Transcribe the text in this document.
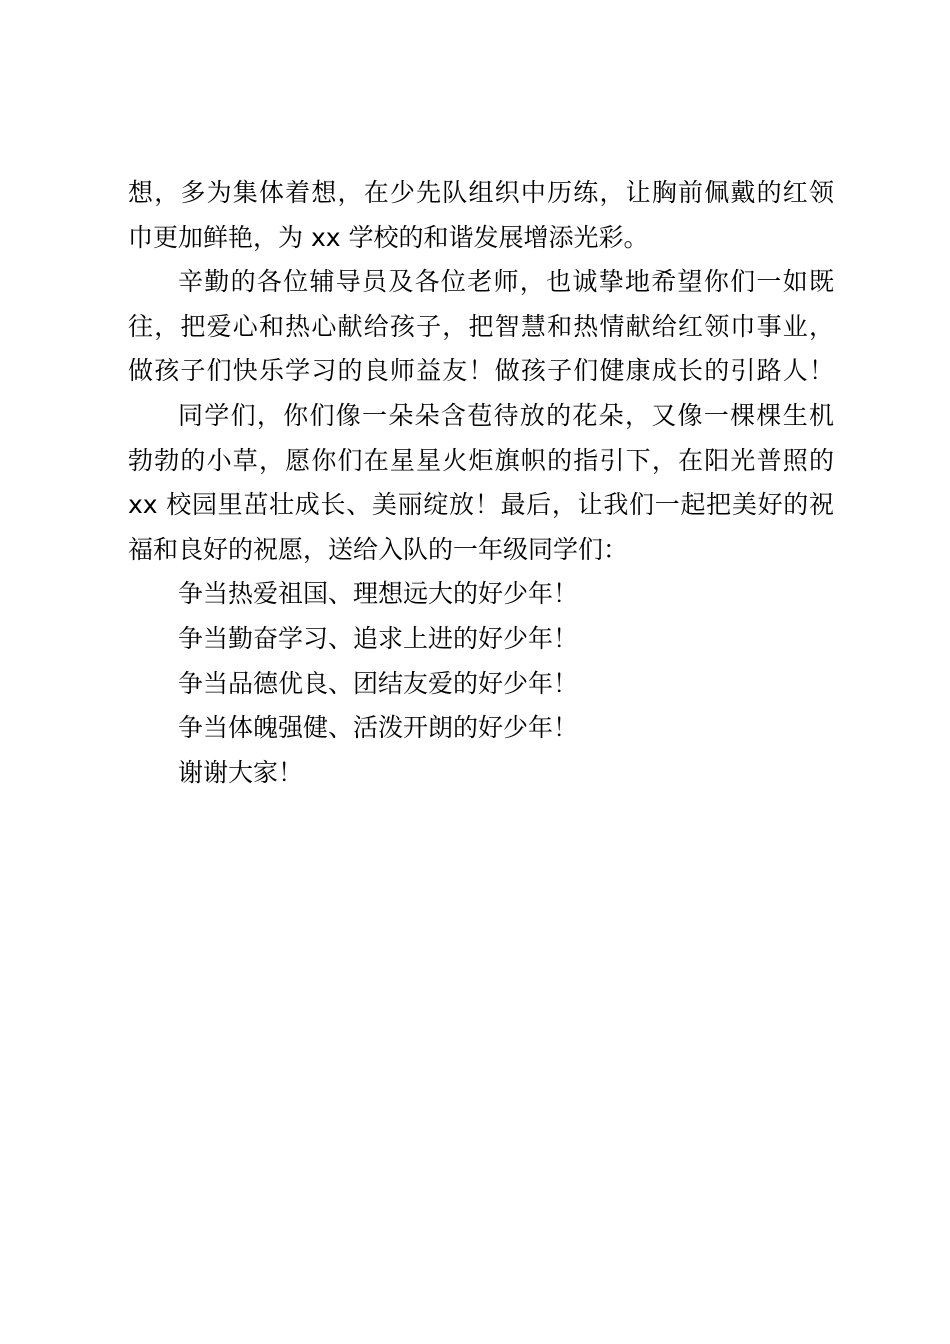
想，多为集体着想，在少先队组织中历练，让胸前佩戴的红领
巾更加鲜艳，为 xx 学校的和谐发展增添光彩。
辛勤的各位辅导员及各位老师，也诚挚地希望你们一如既
往，把爱心和热心献给孩子，把智慧和热情献给红领巾事业，
做孩子们快乐学习的良师益友！做孩子们健康成长的引路人！
同学们，你们像一朵朵含苞待放的花朵，又像一棵棵生机
勃勃的小草，愿你们在星星火炬旗帜的指引下，在阳光普照的
xx 校园里茁壮成长、美丽绽放！最后，让我们一起把美好的祝
福和良好的祝愿，送给入队的一年级同学们：
争当热爱祖国、理想远大的好少年！
争当勤奋学习、追求上进的好少年！
争当品德优良、团结友爱的好少年！
争当体魄强健、活泼开朗的好少年！
谢谢大家！
